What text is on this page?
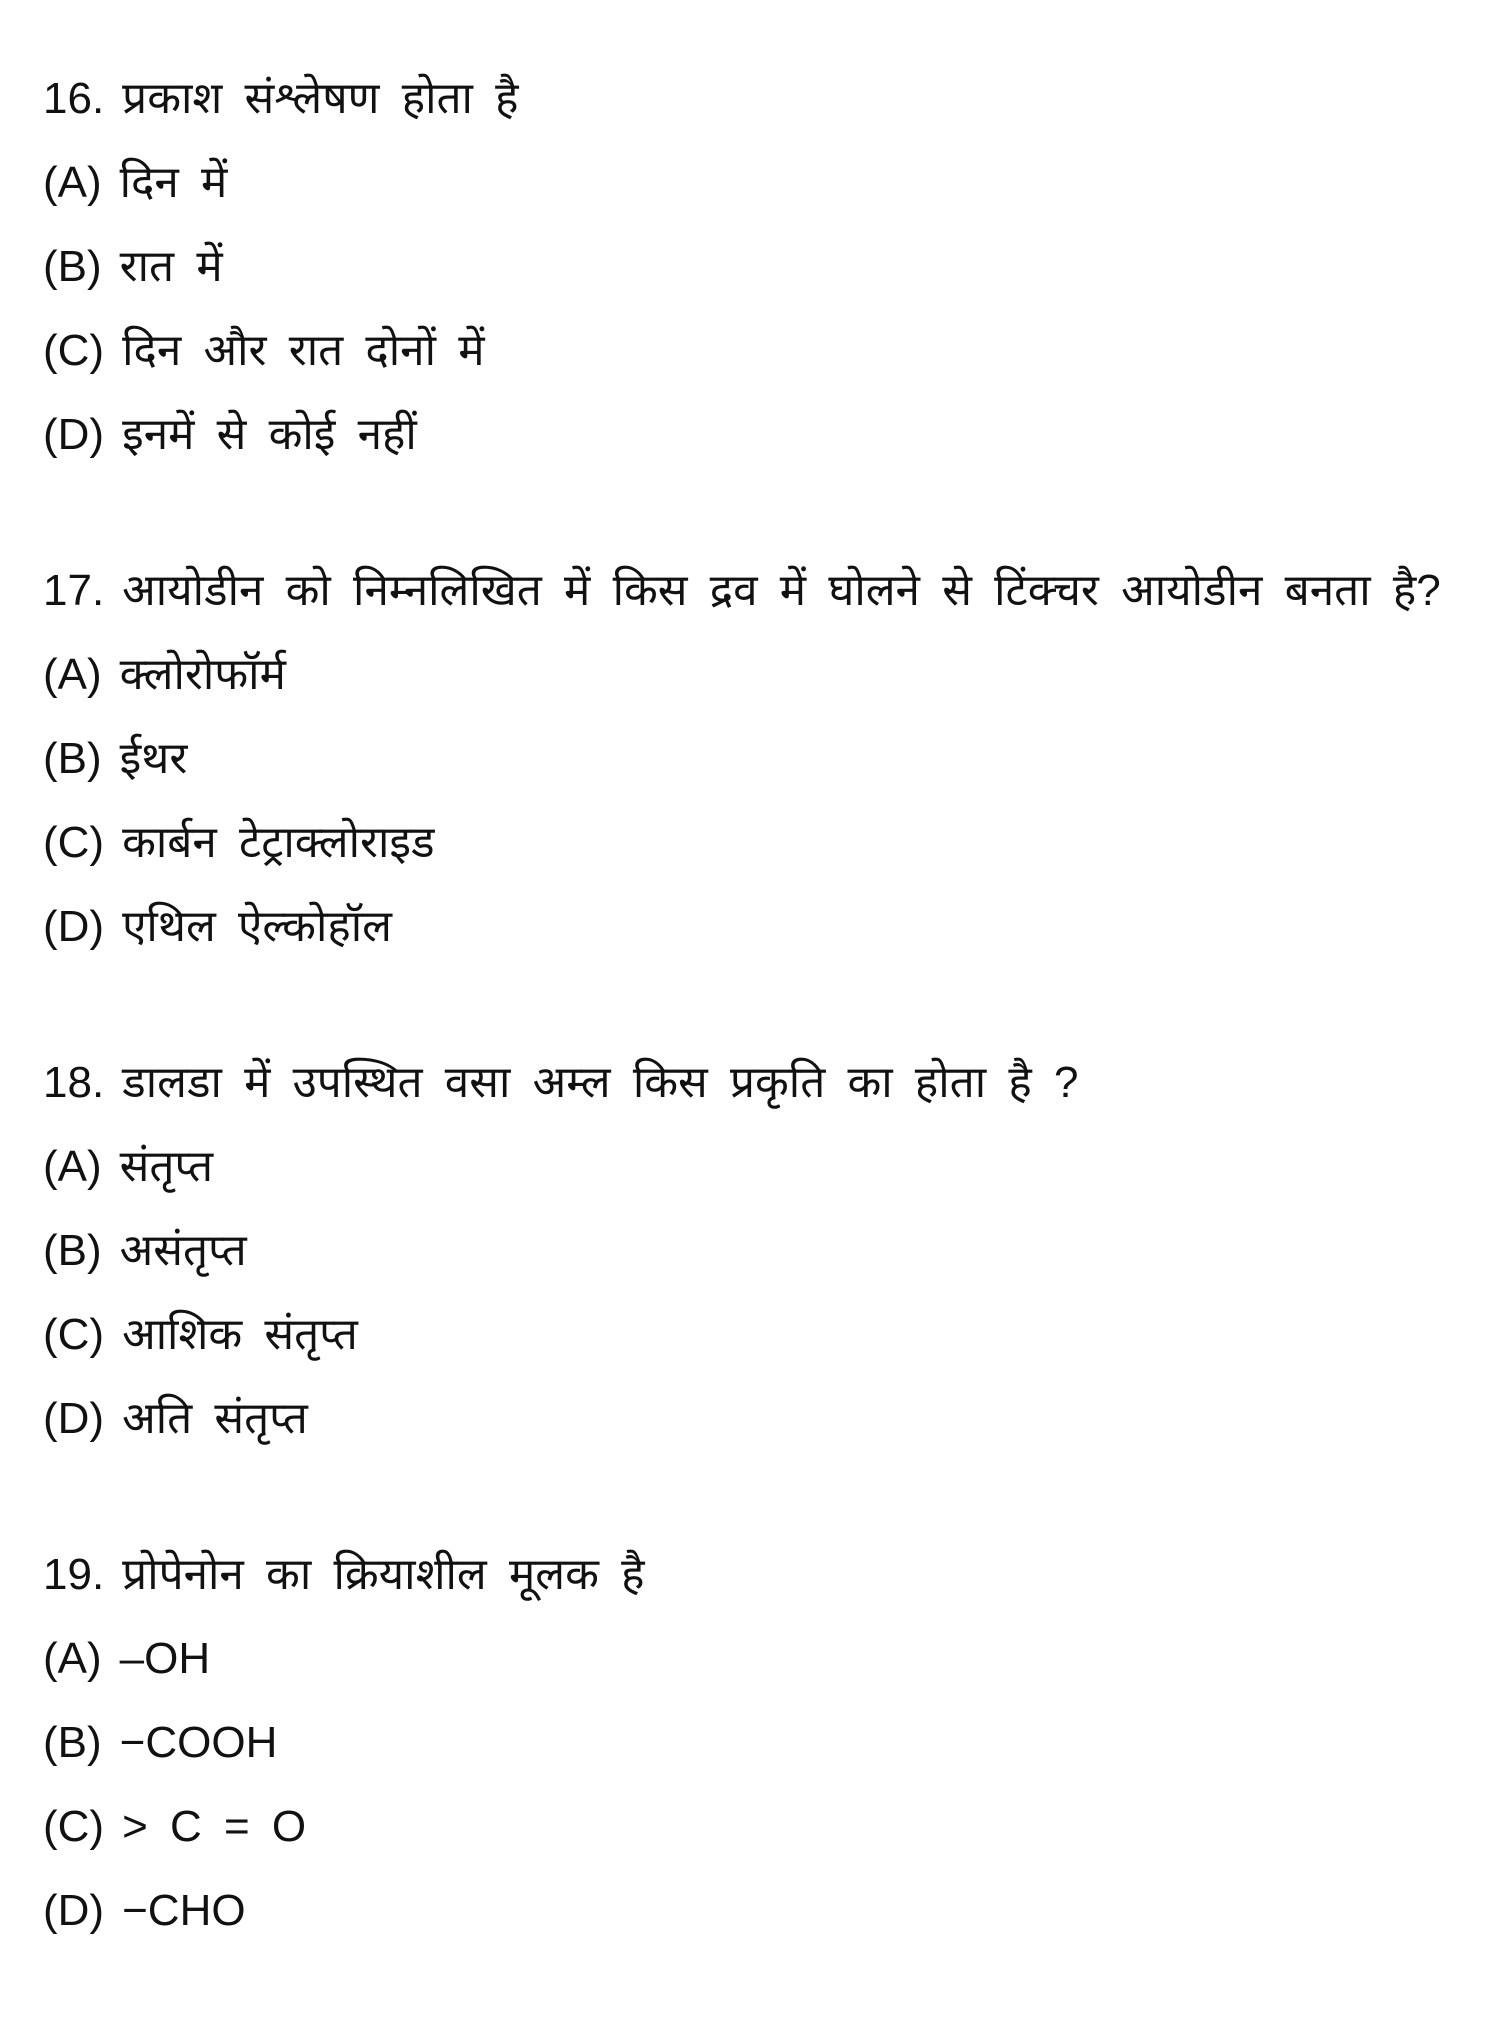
16. प्रकाश संश्लेषण होता है
(A) दिन में
(B) रात में
(C) दिन और रात दोनों में
(D) इनमें से कोई नहीं
17. आयोडीन को निम्नलिखित में किस द्रव में घोलने से टिंक्चर आयोडीन बनता है?
(A) क्लोरोफॉर्म
(B) ईथर
(C) कार्बन टेट्राक्लोराइड
(D) एथिल ऐल्कोहॉल
18. डालडा में उपस्थित वसा अम्ल किस प्रकृति का होता है ?
(A) संतृप्त
(B) असंतृप्त
(C) आशिक संतृप्त
(D) अति संतृप्त
19. प्रोपेनोन का क्रियाशील मूलक है
(A) –OH
(B) −COOH
(C) > C = O
(D) −CHO
